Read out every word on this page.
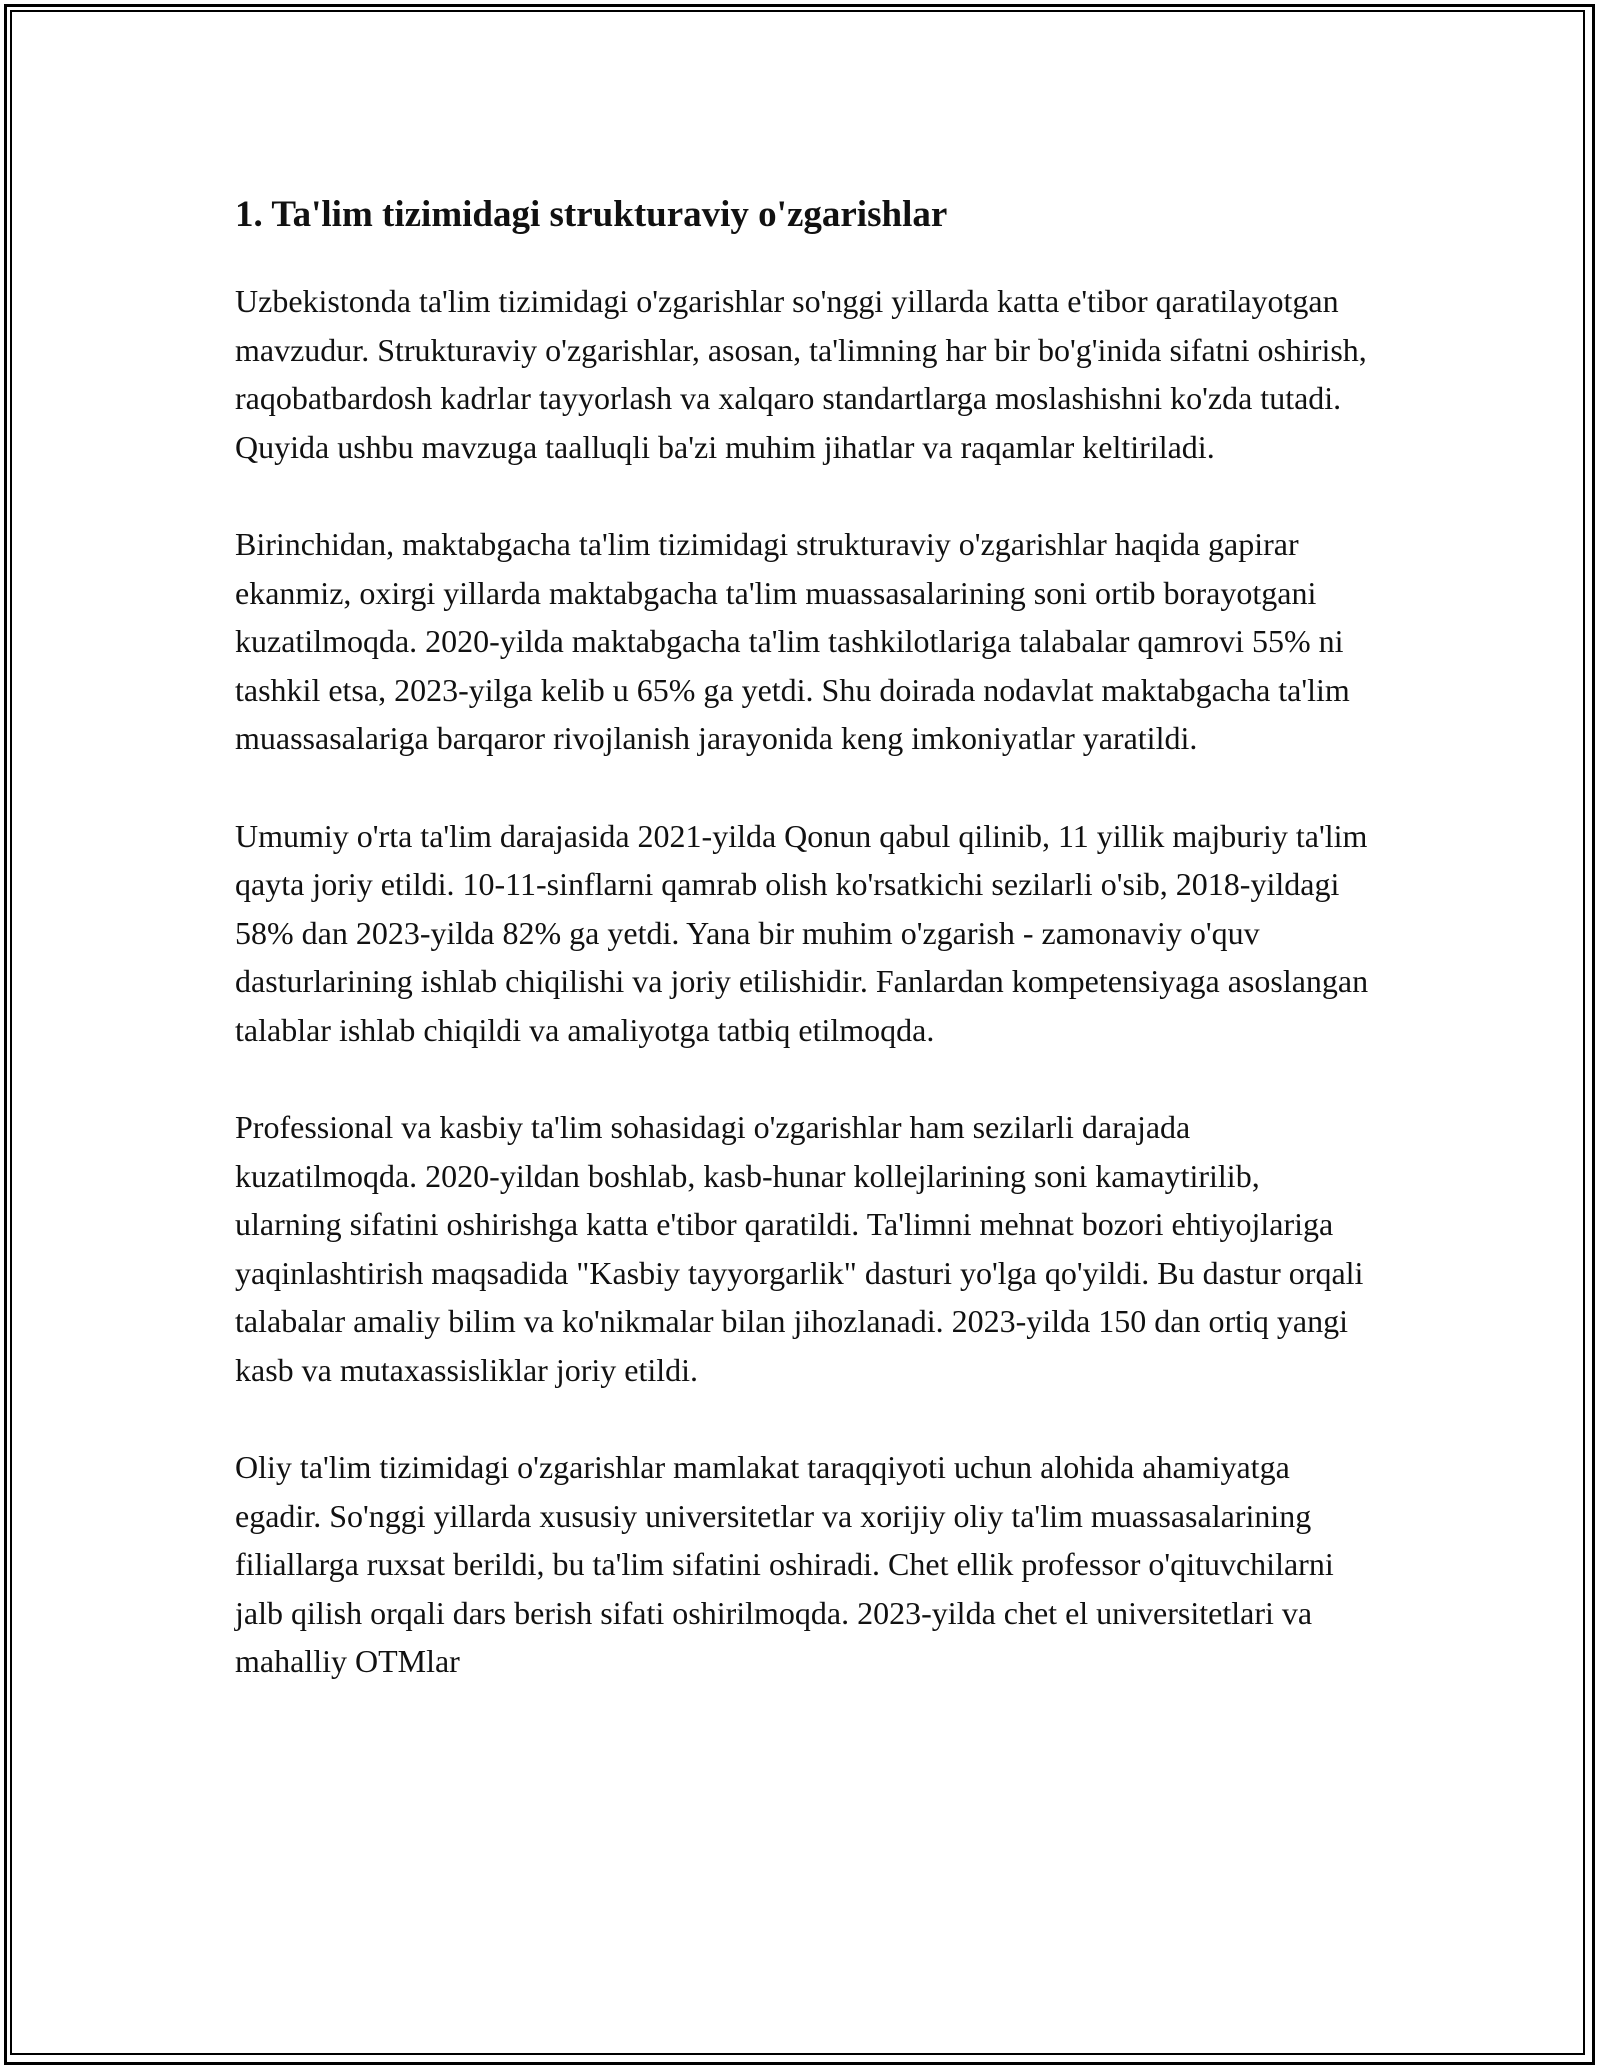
1. Ta'lim tizimidagi strukturaviy o'zgarishlar

Uzbekistonda ta'lim tizimidagi o'zgarishlar so'nggi yillarda katta e'tibor qaratilayotgan mavzudur. Strukturaviy o'zgarishlar, asosan, ta'limning har bir bo'g'inida sifatni oshirish, raqobatbardosh kadrlar tayyorlash va xalqaro standartlarga moslashishni ko'zda tutadi. Quyida ushbu mavzuga taalluqli ba'zi muhim jihatlar va raqamlar keltiriladi.

Birinchidan, maktabgacha ta'lim tizimidagi strukturaviy o'zgarishlar haqida gapirar ekanmiz, oxirgi yillarda maktabgacha ta'lim muassasalarining soni ortib borayotgani kuzatilmoqda. 2020-yilda maktabgacha ta'lim tashkilotlariga talabalar qamrovi 55% ni tashkil etsa, 2023-yilga kelib u 65% ga yetdi. Shu doirada nodavlat maktabgacha ta'lim muassasalariga barqaror rivojlanish jarayonida keng imkoniyatlar yaratildi.

Umumiy o'rta ta'lim darajasida 2021-yilda Qonun qabul qilinib, 11 yillik majburiy ta'lim qayta joriy etildi. 10-11-sinflarni qamrab olish ko'rsatkichi sezilarli o'sib, 2018-yildagi 58% dan 2023-yilda 82% ga yetdi. Yana bir muhim o'zgarish - zamonaviy o'quv dasturlarining ishlab chiqilishi va joriy etilishidir. Fanlardan kompetensiyaga asoslangan talablar ishlab chiqildi va amaliyotga tatbiq etilmoqda.

Professional va kasbiy ta'lim sohasidagi o'zgarishlar ham sezilarli darajada kuzatilmoqda. 2020-yildan boshlab, kasb-hunar kollejlarining soni kamaytirilib, ularning sifatini oshirishga katta e'tibor qaratildi. Ta'limni mehnat bozori ehtiyojlariga yaqinlashtirish maqsadida "Kasbiy tayyorgarlik" dasturi yo'lga qo'yildi. Bu dastur orqali talabalar amaliy bilim va ko'nikmalar bilan jihozlanadi. 2023-yilda 150 dan ortiq yangi kasb va mutaxassisliklar joriy etildi.

Oliy ta'lim tizimidagi o'zgarishlar mamlakat taraqqiyoti uchun alohida ahamiyatga egadir. So'nggi yillarda xususiy universitetlar va xorijiy oliy ta'lim muassasalarining filiallarga ruxsat berildi, bu ta'lim sifatini oshiradi. Chet ellik professor o'qituvchilarni jalb qilish orqali dars berish sifati oshirilmoqda. 2023-yilda chet el universitetlari va mahalliy OTMlar
